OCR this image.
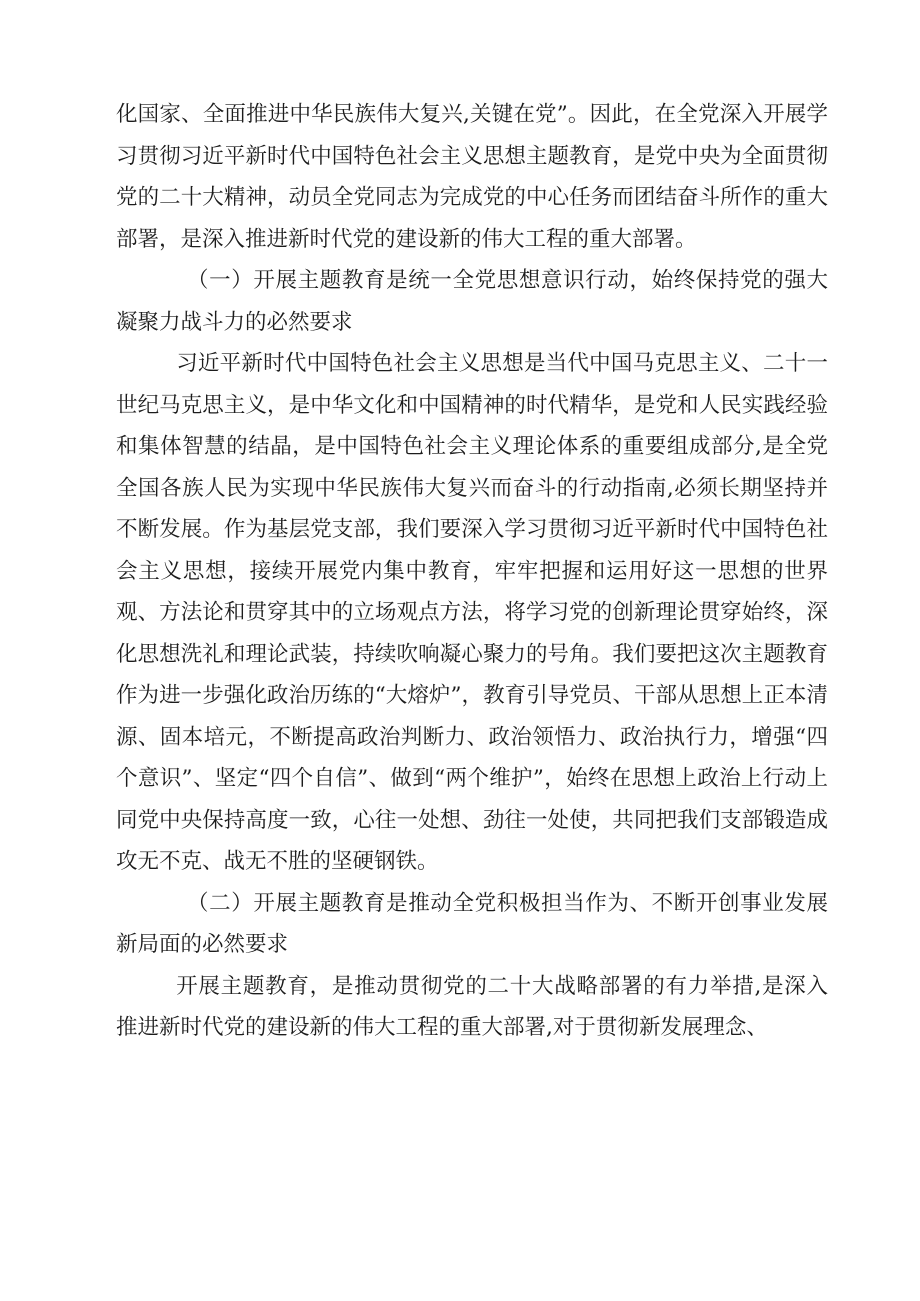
化国家、全面推进中华民族伟大复兴,关键在党”。因此，在全党深入开展学习贯彻习近平新时代中国特色社会主义思想主题教育，是党中央为全面贯彻党的二十大精神，动员全党同志为完成党的中心任务而团结奋斗所作的重大部署，是深入推进新时代党的建设新的伟大工程的重大部署。

（一）开展主题教育是统一全党思想意识行动，始终保持党的强大凝聚力战斗力的必然要求

习近平新时代中国特色社会主义思想是当代中国马克思主义、二十一世纪马克思主义，是中华文化和中国精神的时代精华，是党和人民实践经验和集体智慧的结晶，是中国特色社会主义理论体系的重要组成部分,是全党全国各族人民为实现中华民族伟大复兴而奋斗的行动指南,必须长期坚持并不断发展。作为基层党支部，我们要深入学习贯彻习近平新时代中国特色社会主义思想，接续开展党内集中教育，牢牢把握和运用好这一思想的世界观、方法论和贯穿其中的立场观点方法，将学习党的创新理论贯穿始终，深化思想洗礼和理论武装，持续吹响凝心聚力的号角。我们要把这次主题教育作为进一步强化政治历练的“大熔炉”，教育引导党员、干部从思想上正本清源、固本培元，不断提高政治判断力、政治领悟力、政治执行力，增强“四个意识”、坚定“四个自信”、做到“两个维护”，始终在思想上政治上行动上同党中央保持高度一致，心往一处想、劲往一处使，共同把我们支部锻造成攻无不克、战无不胜的坚硬钢铁。

（二）开展主题教育是推动全党积极担当作为、不断开创事业发展新局面的必然要求

开展主题教育，是推动贯彻党的二十大战略部署的有力举措,是深入推进新时代党的建设新的伟大工程的重大部署,对于贯彻新发展理念、
